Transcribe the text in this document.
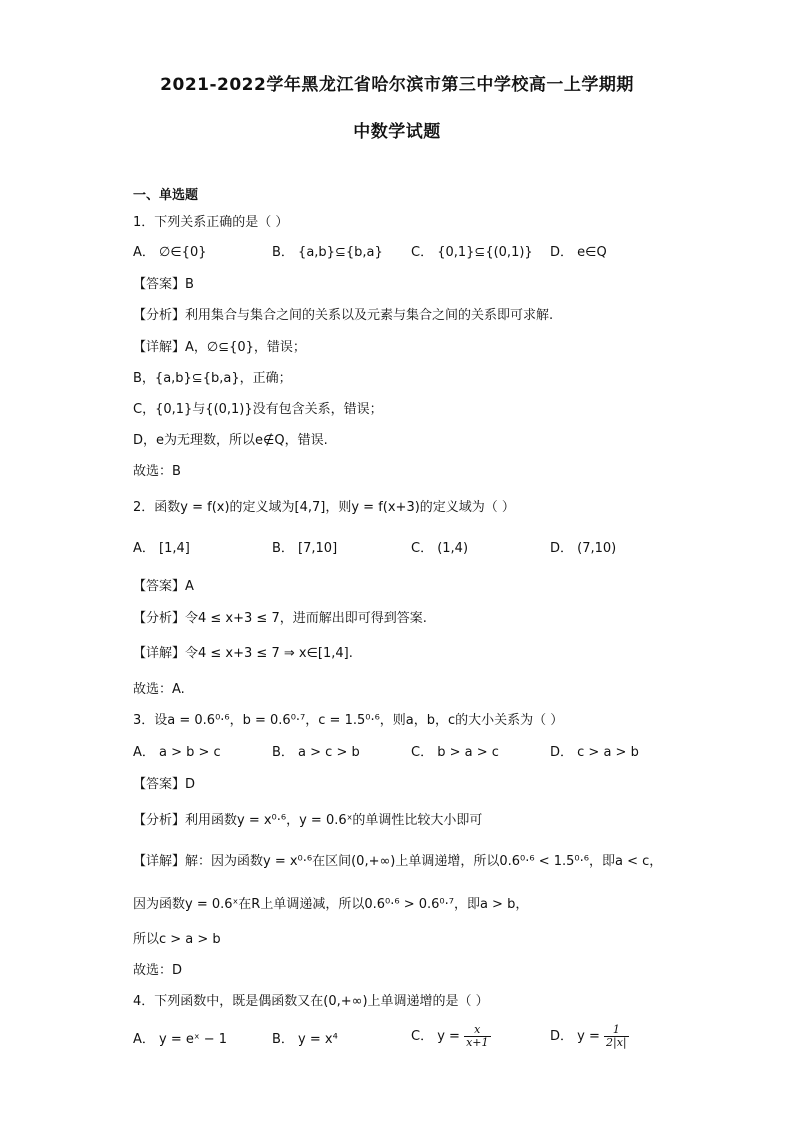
2021-2022学年黑龙江省哈尔滨市第三中学校高一上学期期
中数学试题
一、单选题
1．下列关系正确的是（ ）
A． ∅∈{0}	B． {a,b}⊆{b,a} C． {0,1}⊆{(0,1)} D． e∈Q
【答案】B
【分析】利用集合与集合之间的关系以及元素与集合之间的关系即可求解.
【详解】A，∅⊆{0}，错误；
B，{a,b}⊆{b,a}，正确；
C，{0,1}与{(0,1)}没有包含关系，错误；
D，e为无理数，所以e∉Q，错误.
故选：B
2．函数y = f(x)的定义域为[4,7]，则y = f(x+3)的定义域为（ ）
A． [1,4]	B． [7,10]	C． (1,4)	D． (7,10)
【答案】A
【分析】令4 ≤ x+3 ≤ 7，进而解出即可得到答案.
【详解】令4 ≤ x+3 ≤ 7 ⇒ x∈[1,4].
故选：A.
3．设a = 0.6⁰·⁶，b = 0.6⁰·⁷，c = 1.5⁰·⁶，则a，b，c的大小关系为（ ）
A． a > b > c	B． a > c > b	C． b > a > c	D． c > a > b
【答案】D
【分析】利用函数y = x⁰·⁶，y = 0.6ˣ的单调性比较大小即可
【详解】解：因为函数y = x⁰·⁶在区间(0,+∞)上单调递增，所以0.6⁰·⁶ < 1.5⁰·⁶，即a < c，
因为函数y = 0.6ˣ在R上单调递减，所以0.6⁰·⁶ > 0.6⁰·⁷，即a > b，
所以c > a > b
故选：D
4．下列函数中，既是偶函数又在(0,+∞)上单调递增的是（ ）
A． y = eˣ − 1	B． y = x⁴	C． $y = \frac{x}{x+1}$	D． $y = \frac{1}{2|x|}$
